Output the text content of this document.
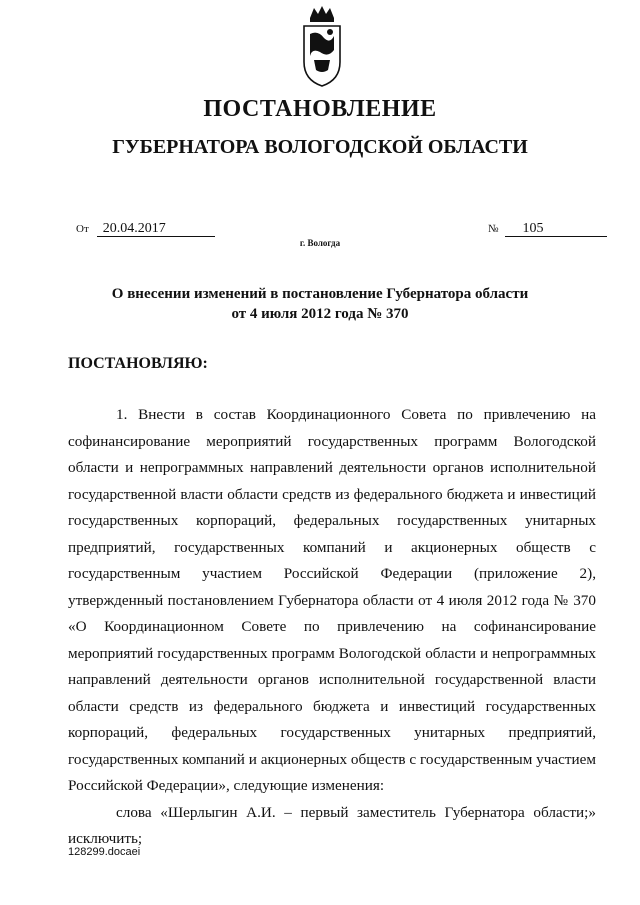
ПОСТАНОВЛЕНИЕ
ГУБЕРНАТОРА ВОЛОГОДСКОЙ ОБЛАСТИ
От 20.04.2017	№ 105
г. Вологда
О внесении изменений в постановление Губернатора области
от 4 июля 2012 года № 370
ПОСТАНОВЛЯЮ:

1. Внести в состав Координационного Совета по привлечению на софинансирование мероприятий государственных программ Вологодской области и непрограммных направлений деятельности органов исполнительной государственной власти области средств из федерального бюджета и инвестиций государственных корпораций, федеральных государственных унитарных предприятий, государственных компаний и акционерных обществ с государственным участием Российской Федерации (приложение 2), утвержденный постановлением Губернатора области от 4 июля 2012 года № 370 «О Координационном Совете по привлечению на софинансирование мероприятий государственных программ Вологодской области и непрограммных направлений деятельности органов исполнительной государственной власти области средств из федерального бюджета и инвестиций государственных корпораций, федеральных государственных унитарных предприятий, государственных компаний и акционерных обществ с государственным участием Российской Федерации», следующие изменения:

слова «Шерлыгин А.И. – первый заместитель Губернатора области;» исключить;

128299.docaei
